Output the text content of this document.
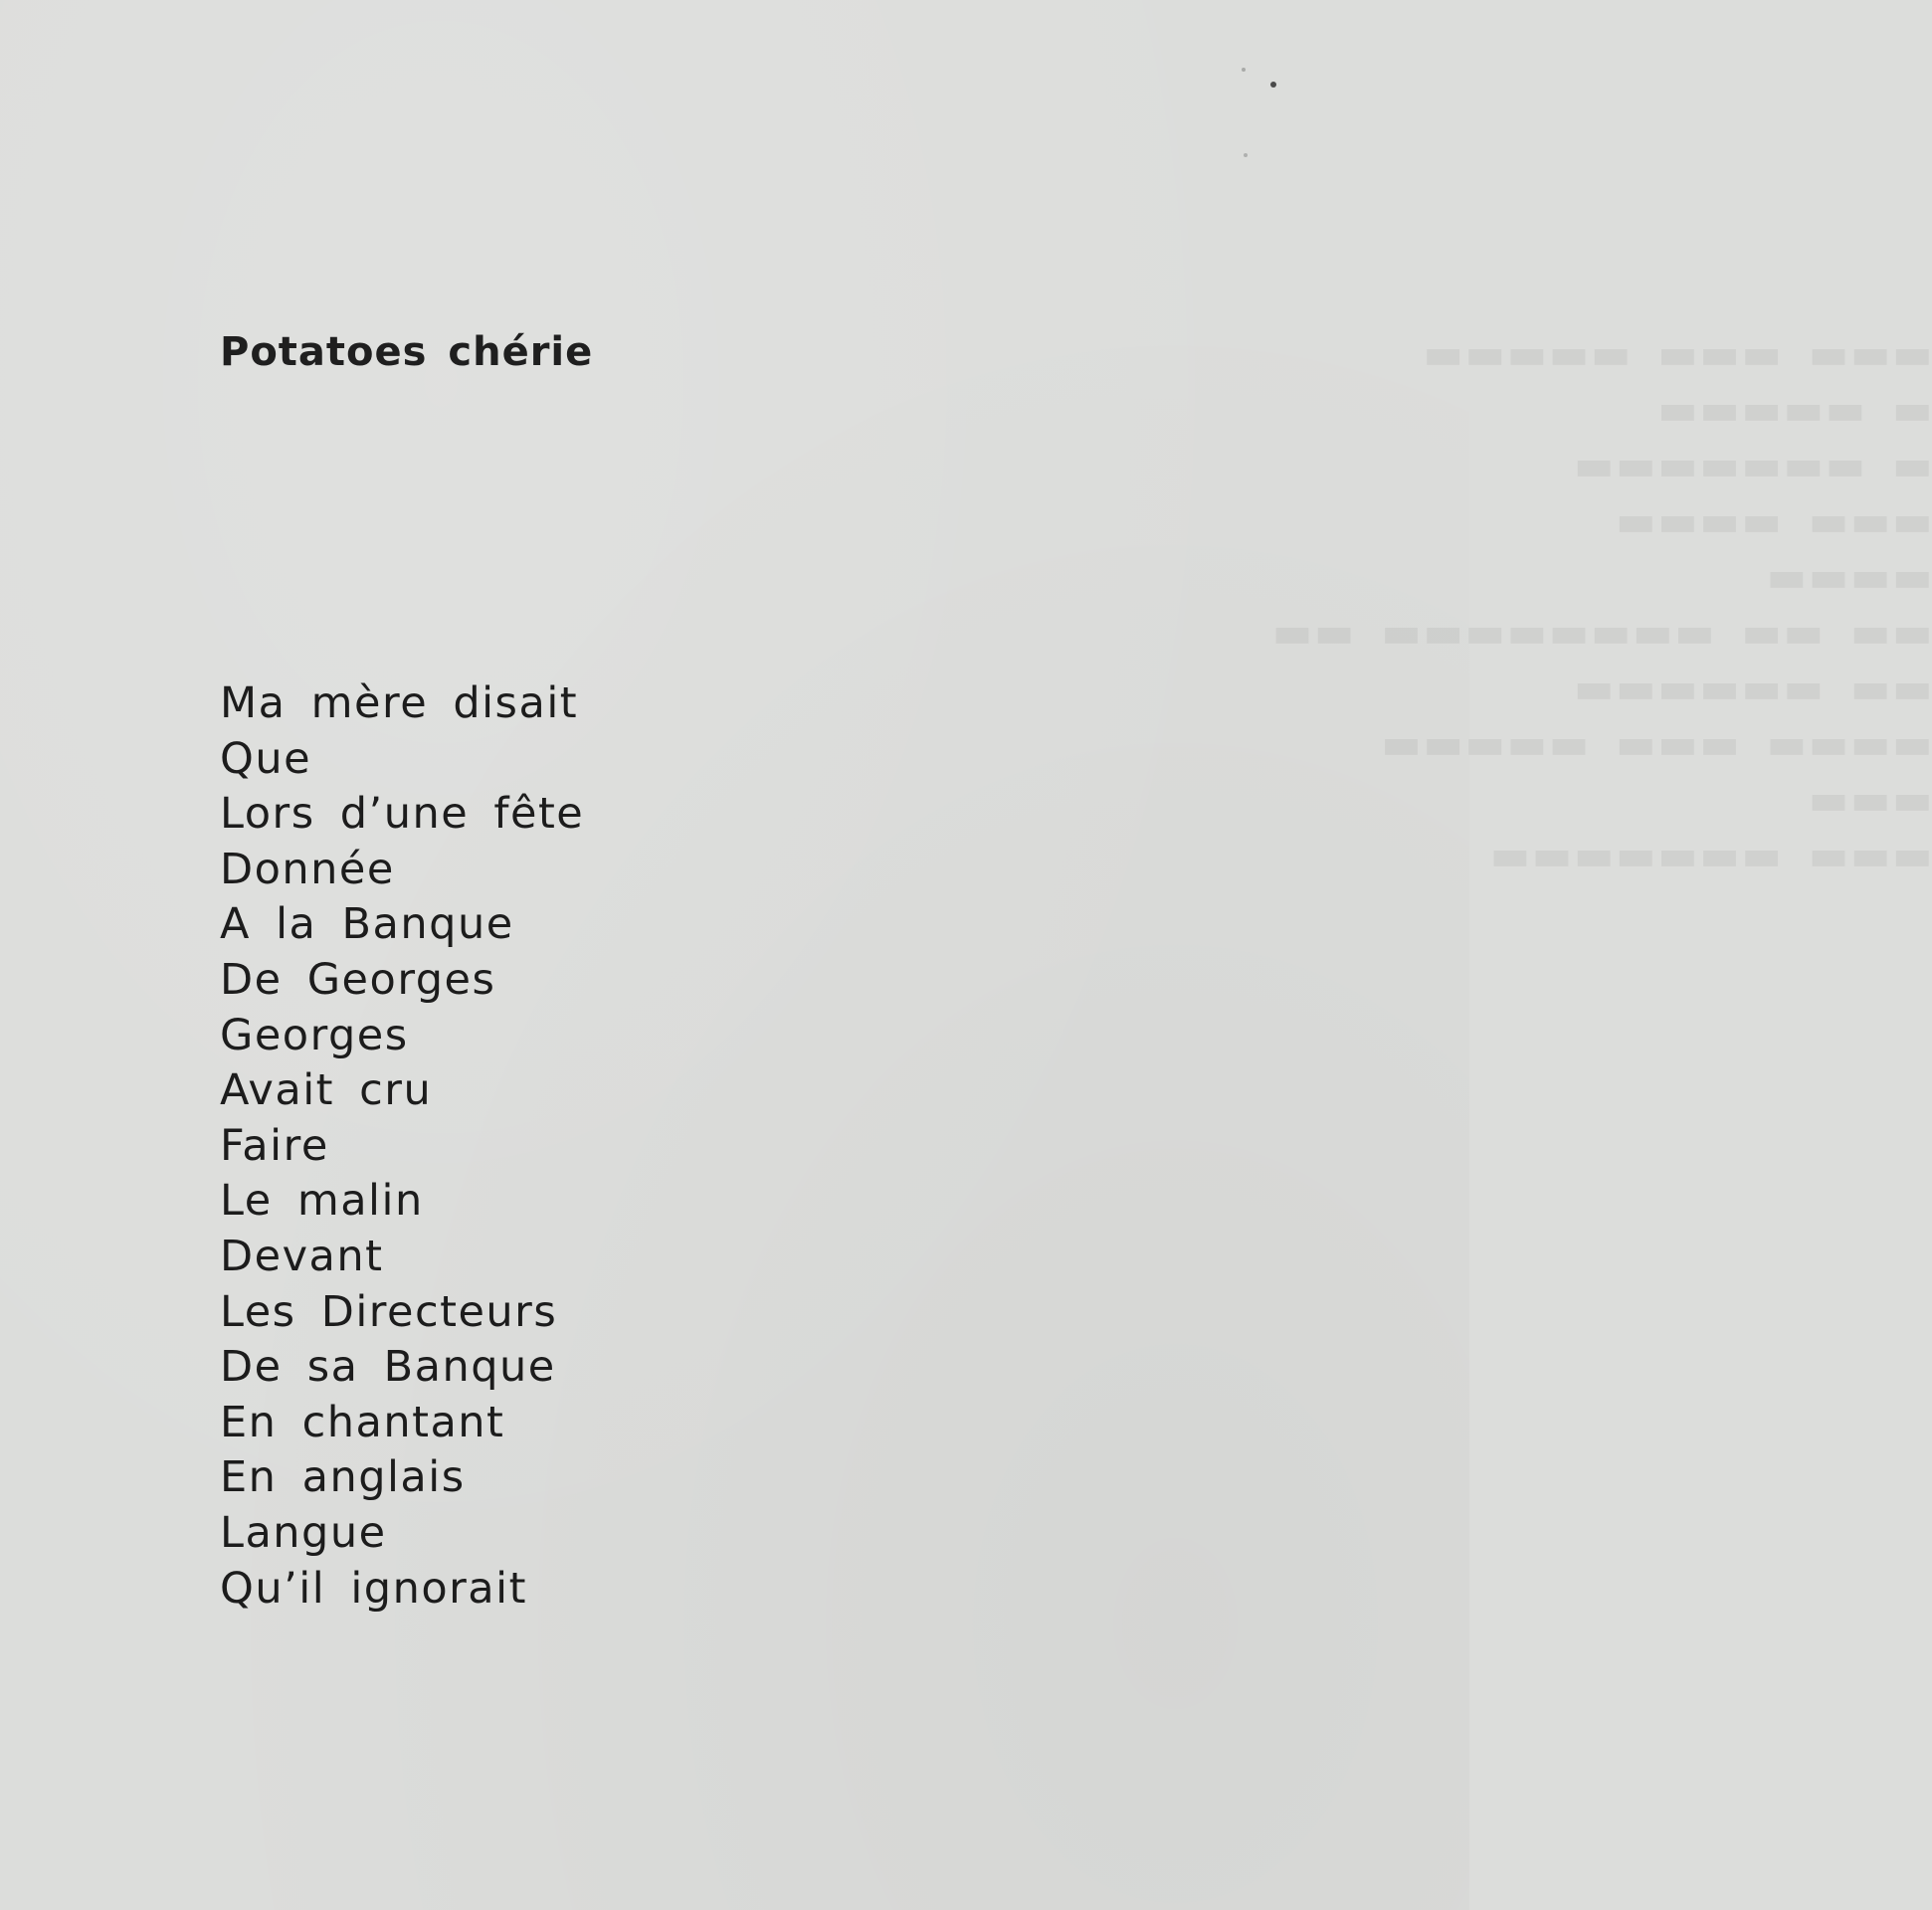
▬▬▬ ▬▬▬ ▬▬▬▬▬
▬ ▬▬▬▬▬
▬ ▬▬▬▬▬▬▬
▬▬▬ ▬▬▬▬
▬▬▬▬
▬▬ ▬▬ ▬▬▬▬▬▬▬▬ ▬▬
▬▬ ▬▬▬▬▬▬
▬▬▬▬ ▬▬▬ ▬▬▬▬▬
▬▬▬
▬▬▬ ▬▬▬▬▬▬▬
Potatoes chérie
Ma mère disait
Que
Lors d’une fête
Donnée
A la Banque
De Georges
Georges
Avait cru
Faire
Le malin
Devant
Les Directeurs
De sa Banque
En chantant
En anglais
Langue
Qu’il ignorait
